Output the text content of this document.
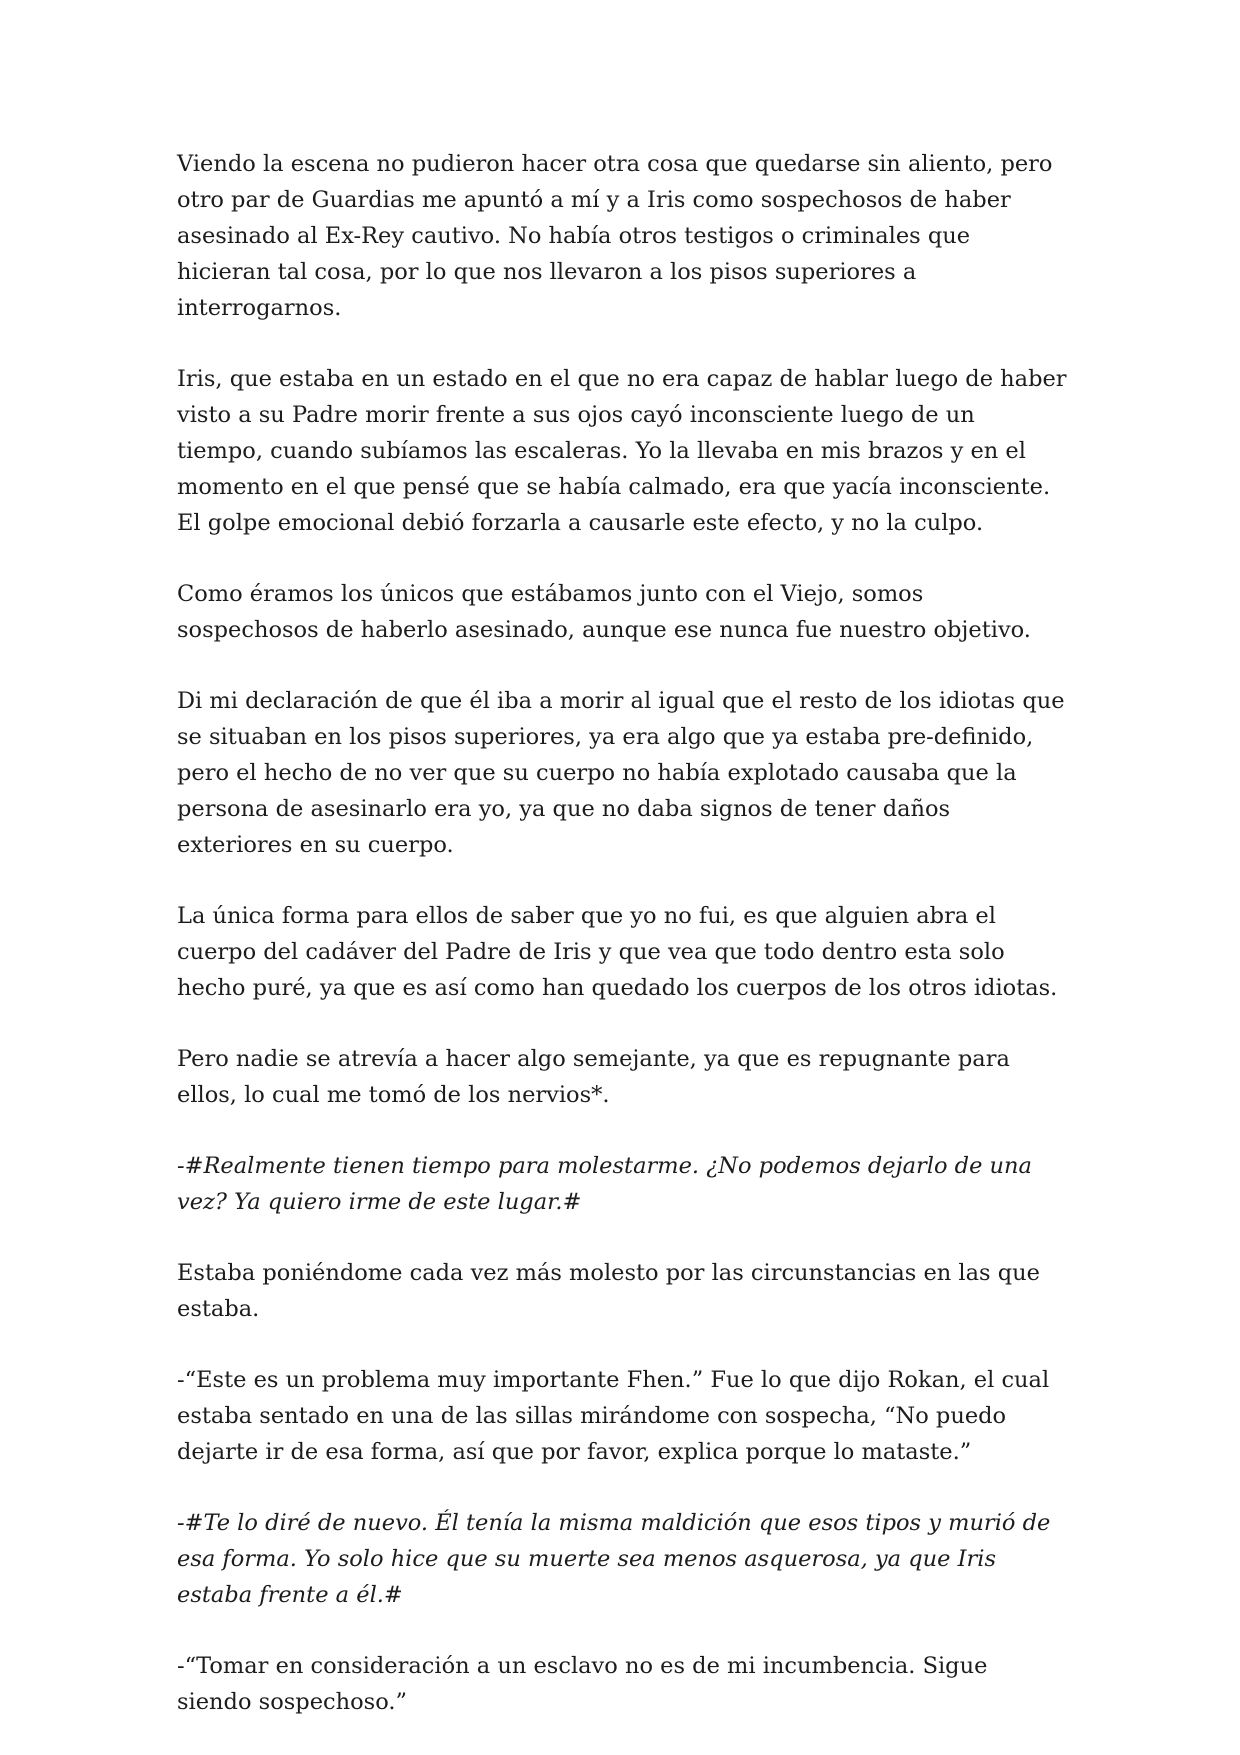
Viendo la escena no pudieron hacer otra cosa que quedarse sin aliento, pero otro par de Guardias me apuntó a mí y a Iris como sospechosos de haber asesinado al Ex-Rey cautivo. No había otros testigos o criminales que hicieran tal cosa, por lo que nos llevaron a los pisos superiores a interrogarnos.

Iris, que estaba en un estado en el que no era capaz de hablar luego de haber visto a su Padre morir frente a sus ojos cayó inconsciente luego de un tiempo, cuando subíamos las escaleras. Yo la llevaba en mis brazos y en el momento en el que pensé que se había calmado, era que yacía inconsciente. El golpe emocional debió forzarla a causarle este efecto, y no la culpo.

Como éramos los únicos que estábamos junto con el Viejo, somos sospechosos de haberlo asesinado, aunque ese nunca fue nuestro objetivo.

Di mi declaración de que él iba a morir al igual que el resto de los idiotas que se situaban en los pisos superiores, ya era algo que ya estaba pre-definido, pero el hecho de no ver que su cuerpo no había explotado causaba que la persona de asesinarlo era yo, ya que no daba signos de tener daños exteriores en su cuerpo.

La única forma para ellos de saber que yo no fui, es que alguien abra el cuerpo del cadáver del Padre de Iris y que vea que todo dentro esta solo hecho puré, ya que es así como han quedado los cuerpos de los otros idiotas.

Pero nadie se atrevía a hacer algo semejante, ya que es repugnante para ellos, lo cual me tomó de los nervios*.

-#Realmente tienen tiempo para molestarme. ¿No podemos dejarlo de una vez? Ya quiero irme de este lugar.#

Estaba poniéndome cada vez más molesto por las circunstancias en las que estaba.

-“Este es un problema muy importante Fhen.” Fue lo que dijo Rokan, el cual estaba sentado en una de las sillas mirándome con sospecha, “No puedo dejarte ir de esa forma, así que por favor, explica porque lo mataste.”

-#Te lo diré de nuevo. Él tenía la misma maldición que esos tipos y murió de esa forma. Yo solo hice que su muerte sea menos asquerosa, ya que Iris estaba frente a él.#

-“Tomar en consideración a un esclavo no es de mi incumbencia. Sigue siendo sospechoso.”
